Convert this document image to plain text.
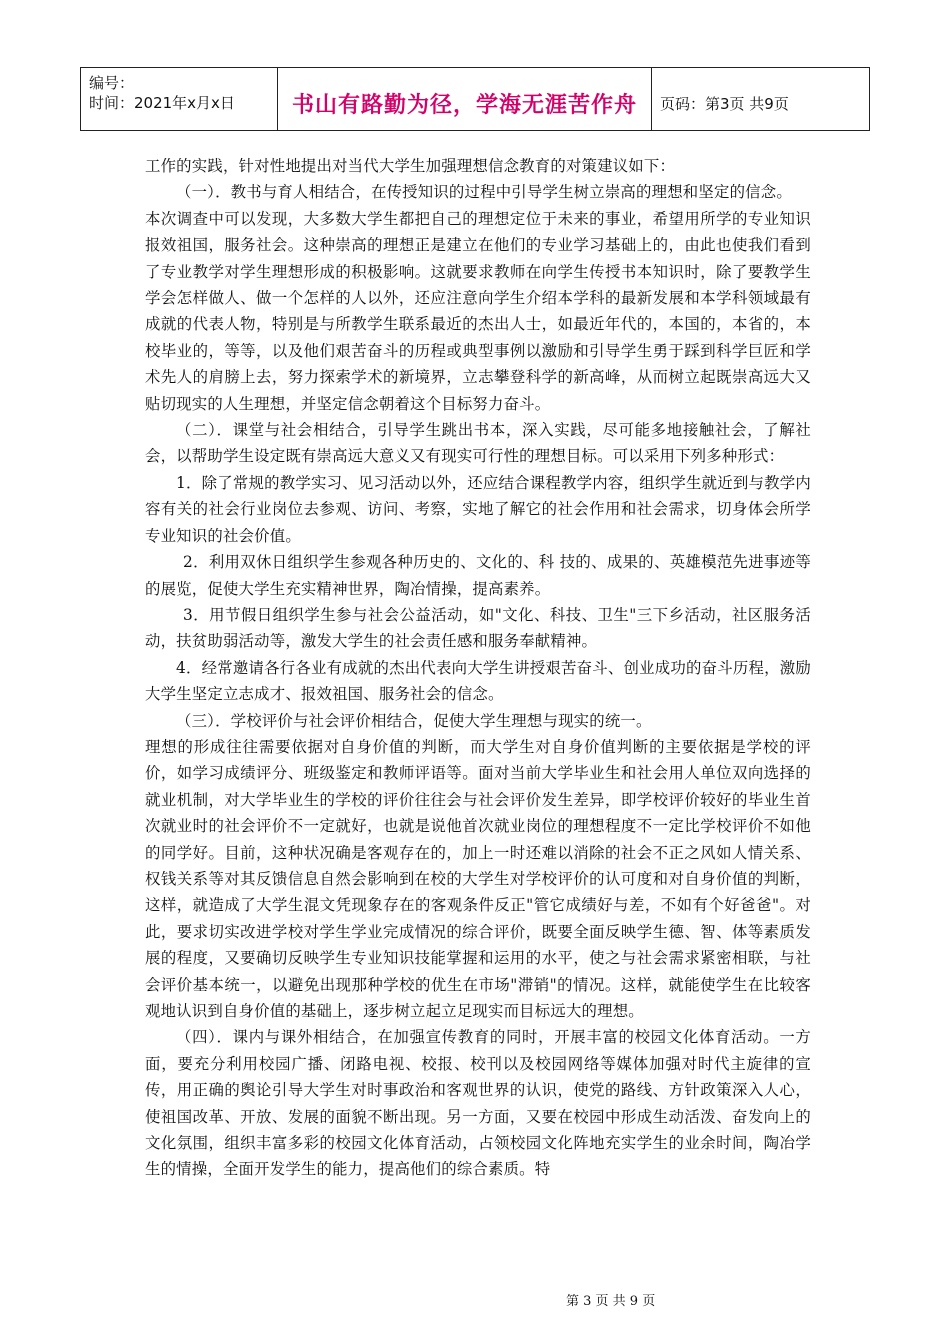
编号：
时间：2021年x月x日	书山有路勤为径，学海无涯苦作舟	页码：第3页 共9页

工作的实践，针对性地提出对当代大学生加强理想信念教育的对策建议如下：

（一）．教书与育人相结合，在传授知识的过程中引导学生树立崇高的理想和坚定的信念。

本次调查中可以发现，大多数大学生都把自己的理想定位于未来的事业，希望用所学的专业知识报效祖国，服务社会。这种崇高的理想正是建立在他们的专业学习基础上的，由此也使我们看到了专业教学对学生理想形成的积极影响。这就要求教师在向学生传授书本知识时，除了要教学生学会怎样做人、做一个怎样的人以外，还应注意向学生介绍本学科的最新发展和本学科领域最有成就的代表人物，特别是与所教学生联系最近的杰出人士，如最近年代的，本国的，本省的，本校毕业的，等等，以及他们艰苦奋斗的历程或典型事例以激励和引导学生勇于踩到科学巨匠和学术先人的肩膀上去，努力探索学术的新境界，立志攀登科学的新高峰，从而树立起既崇高远大又贴切现实的人生理想，并坚定信念朝着这个目标努力奋斗。

（二）．课堂与社会相结合，引导学生跳出书本，深入实践，尽可能多地接触社会，了解社会，以帮助学生设定既有崇高远大意义又有现实可行性的理想目标。可以采用下列多种形式：

1．除了常规的教学实习、见习活动以外，还应结合课程教学内容，组织学生就近到与教学内容有关的社会行业岗位去参观、访问、考察，实地了解它的社会作用和社会需求，切身体会所学专业知识的社会价值。

2．利用双休日组织学生参观各种历史的、文化的、科 技的、成果的、英雄模范先进事迹等的展览，促使大学生充实精神世界，陶冶情操，提高素养。

3．用节假日组织学生参与社会公益活动，如"文化、科技、卫生"三下乡活动，社区服务活动，扶贫助弱活动等，激发大学生的社会责任感和服务奉献精神。

4．经常邀请各行各业有成就的杰出代表向大学生讲授艰苦奋斗、创业成功的奋斗历程，激励大学生坚定立志成才、报效祖国、服务社会的信念。

（三）．学校评价与社会评价相结合，促使大学生理想与现实的统一。

理想的形成往往需要依据对自身价值的判断，而大学生对自身价值判断的主要依据是学校的评价，如学习成绩评分、班级鉴定和教师评语等。面对当前大学毕业生和社会用人单位双向选择的就业机制，对大学毕业生的学校的评价往往会与社会评价发生差异，即学校评价较好的毕业生首次就业时的社会评价不一定就好，也就是说他首次就业岗位的理想程度不一定比学校评价不如他的同学好。目前，这种状况确是客观存在的，加上一时还难以消除的社会不正之风如人情关系、权钱关系等对其反馈信息自然会影响到在校的大学生对学校评价的认可度和对自身价值的判断，这样，就造成了大学生混文凭现象存在的客观条件反正"管它成绩好与差，不如有个好爸爸"。对此，要求切实改进学校对学生学业完成情况的综合评价，既要全面反映学生德、智、体等素质发展的程度，又要确切反映学生专业知识技能掌握和运用的水平，使之与社会需求紧密相联，与社会评价基本统一，以避免出现那种学校的优生在市场"滞销"的情况。这样，就能使学生在比较客观地认识到自身价值的基础上，逐步树立起立足现实而目标远大的理想。

（四）．课内与课外相结合，在加强宣传教育的同时，开展丰富的校园文化体育活动。一方面，要充分利用校园广播、闭路电视、校报、校刊以及校园网络等媒体加强对时代主旋律的宣传，用正确的舆论引导大学生对时事政治和客观世界的认识，使党的路线、方针政策深入人心，使祖国改革、开放、发展的面貌不断出现。另一方面，又要在校园中形成生动活泼、奋发向上的文化氛围，组织丰富多彩的校园文化体育活动，占领校园文化阵地充实学生的业余时间，陶冶学生的情操，全面开发学生的能力，提高他们的综合素质。特

第 3 页 共 9 页
